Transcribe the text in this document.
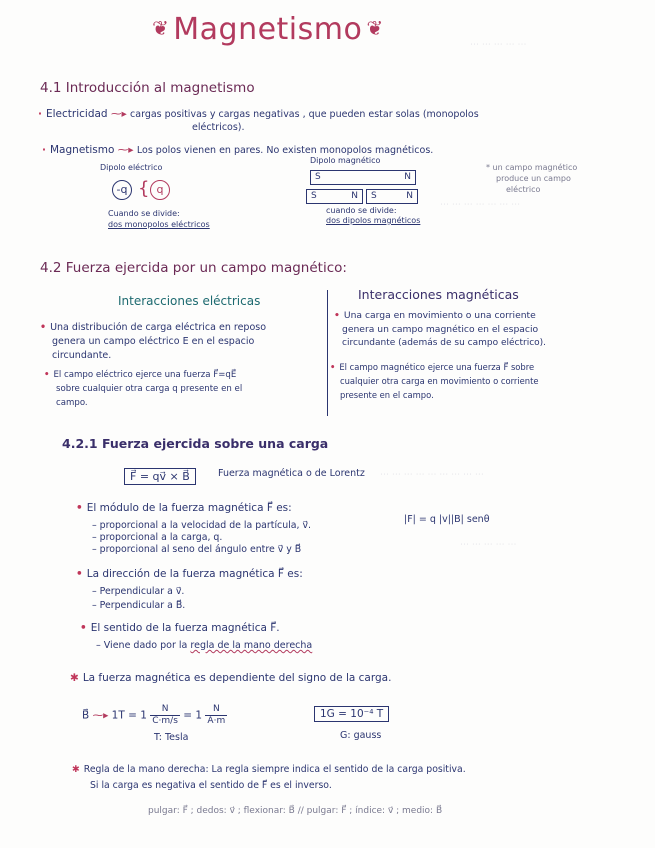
⋯ ⋯ ⋯ ⋯ ⋯
⋯ ⋯ ⋯ ⋯ ⋯ ⋯ ⋯
⋯ ⋯ ⋯ ⋯ ⋯ ⋯ ⋯ ⋯ ⋯
⋯ ⋯ ⋯ ⋯ ⋯
❦ Magnetismo ❦
4.1 Introducción al magnetismo
· Electricidad ⁓▸ cargas positivas y cargas negativas , que pueden estar solas (monopolos
eléctricos).
· Magnetismo ⁓▸ Los polos vienen en pares. No existen monopolos magnéticos.
Dipolo eléctrico
-q { q
Cuando se divide:
dos monopolos eléctricos
Dipolo magnético
S	N
S	N S	N
cuando se divide:
dos dipolos magnéticos
* un campo magnético
produce un campo
eléctrico
4.2 Fuerza ejercida por un campo magnético:
Interacciones eléctricas	Interacciones magnéticas
• Una distribución de carga eléctrica en reposo
genera un campo eléctrico E en el espacio
circundante.
• El campo eléctrico ejerce una fuerza F⃗=qE⃗
sobre cualquier otra carga q presente en el
campo.
• Una carga en movimiento o una corriente
genera un campo magnético en el espacio
circundante (además de su campo eléctrico).
• El campo magnético ejerce una fuerza F⃗ sobre
cualquier otra carga en movimiento o corriente
presente en el campo.
4.2.1 Fuerza ejercida sobre una carga
F⃗ = qv⃗ × B⃗	Fuerza magnética o de Lorentz
• El módulo de la fuerza magnética F⃗ es:
– proporcional a la velocidad de la partícula, v⃗.
– proporcional a la carga, q.
– proporcional al seno del ángulo entre v⃗ y B⃗
|F| = q |v||B| senθ
• La dirección de la fuerza magnética F⃗ es:
– Perpendicular a v⃗.
– Perpendicular a B⃗.
• El sentido de la fuerza magnética F⃗.
– Viene dado por la regla de la mano derecha
✱ La fuerza magnética es dependiente del signo de la carga.
B⃗ ⁓▸ $1T = 1 \frac{N}{C\cdot m/s} = 1 \frac{N}{A\cdot m}$	1G = 10⁻⁴ T
T: Tesla	G: gauss
✱ Regla de la mano derecha: La regla siempre indica el sentido de la carga positiva.
Si la carga es negativa el sentido de F⃗ es el inverso.
pulgar: F⃗ ; dedos: v⃗ ; flexionar: B⃗ // pulgar: F⃗ ; índice: v⃗ ; medio: B⃗
